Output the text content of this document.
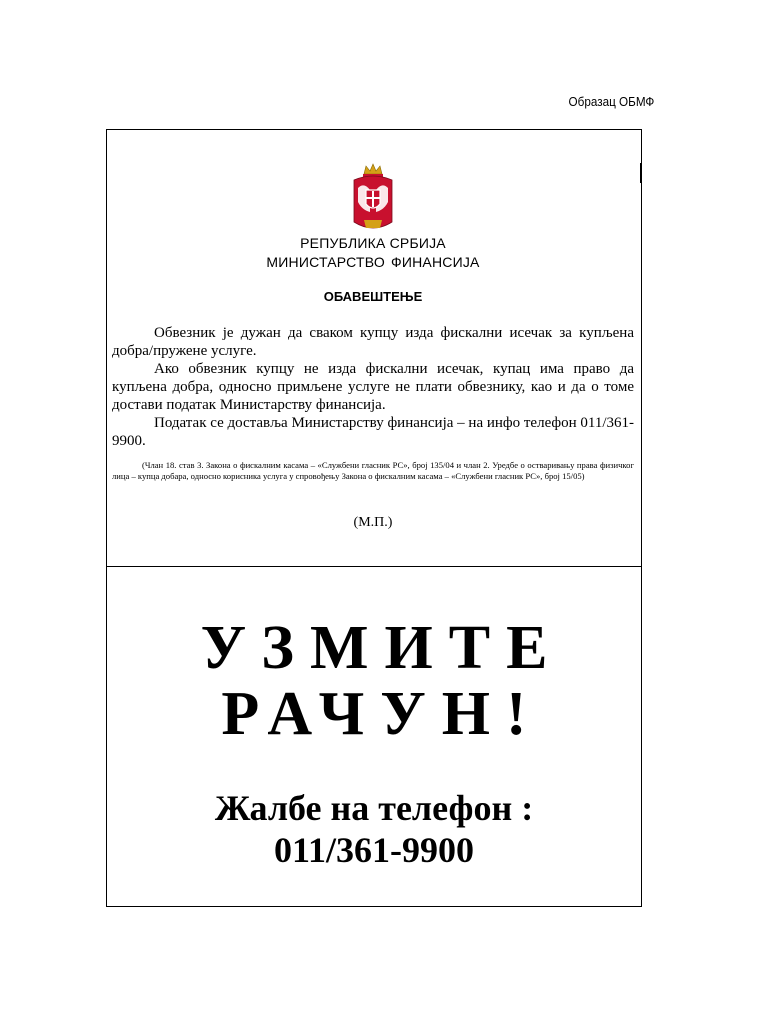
Образац ОБМФ
РЕПУБЛИКА СРБИЈА
МИНИСТАРСТВО ФИНАНСИЈА
ОБАВЕШТЕЊЕ

Обвезник је дужан да сваком купцу изда фискални исечак за купљена добра/пружене услуге.

Ако обвезник купцу не изда фискални исечак, купац има право да купљена добра, односно примљене услуге не плати обвезнику, као и да о томе достави податак Министарству финансија.

Податак се доставља Министарству финансија – на инфо телефон 011/361-9900.

(Члан 18. став 3. Закона о фискалним касама – «Службени гласник РС», број 135/04 и члан 2. Уредбе о остваривању права физичког лица – купца добара, односно корисника услуга у спровођењу Закона о фискалним касама – «Службени гласник РС», број 15/05)
(М.П.)
УЗМИТЕ
РАЧУН!
Жалбе на телефон :
011/361-9900
